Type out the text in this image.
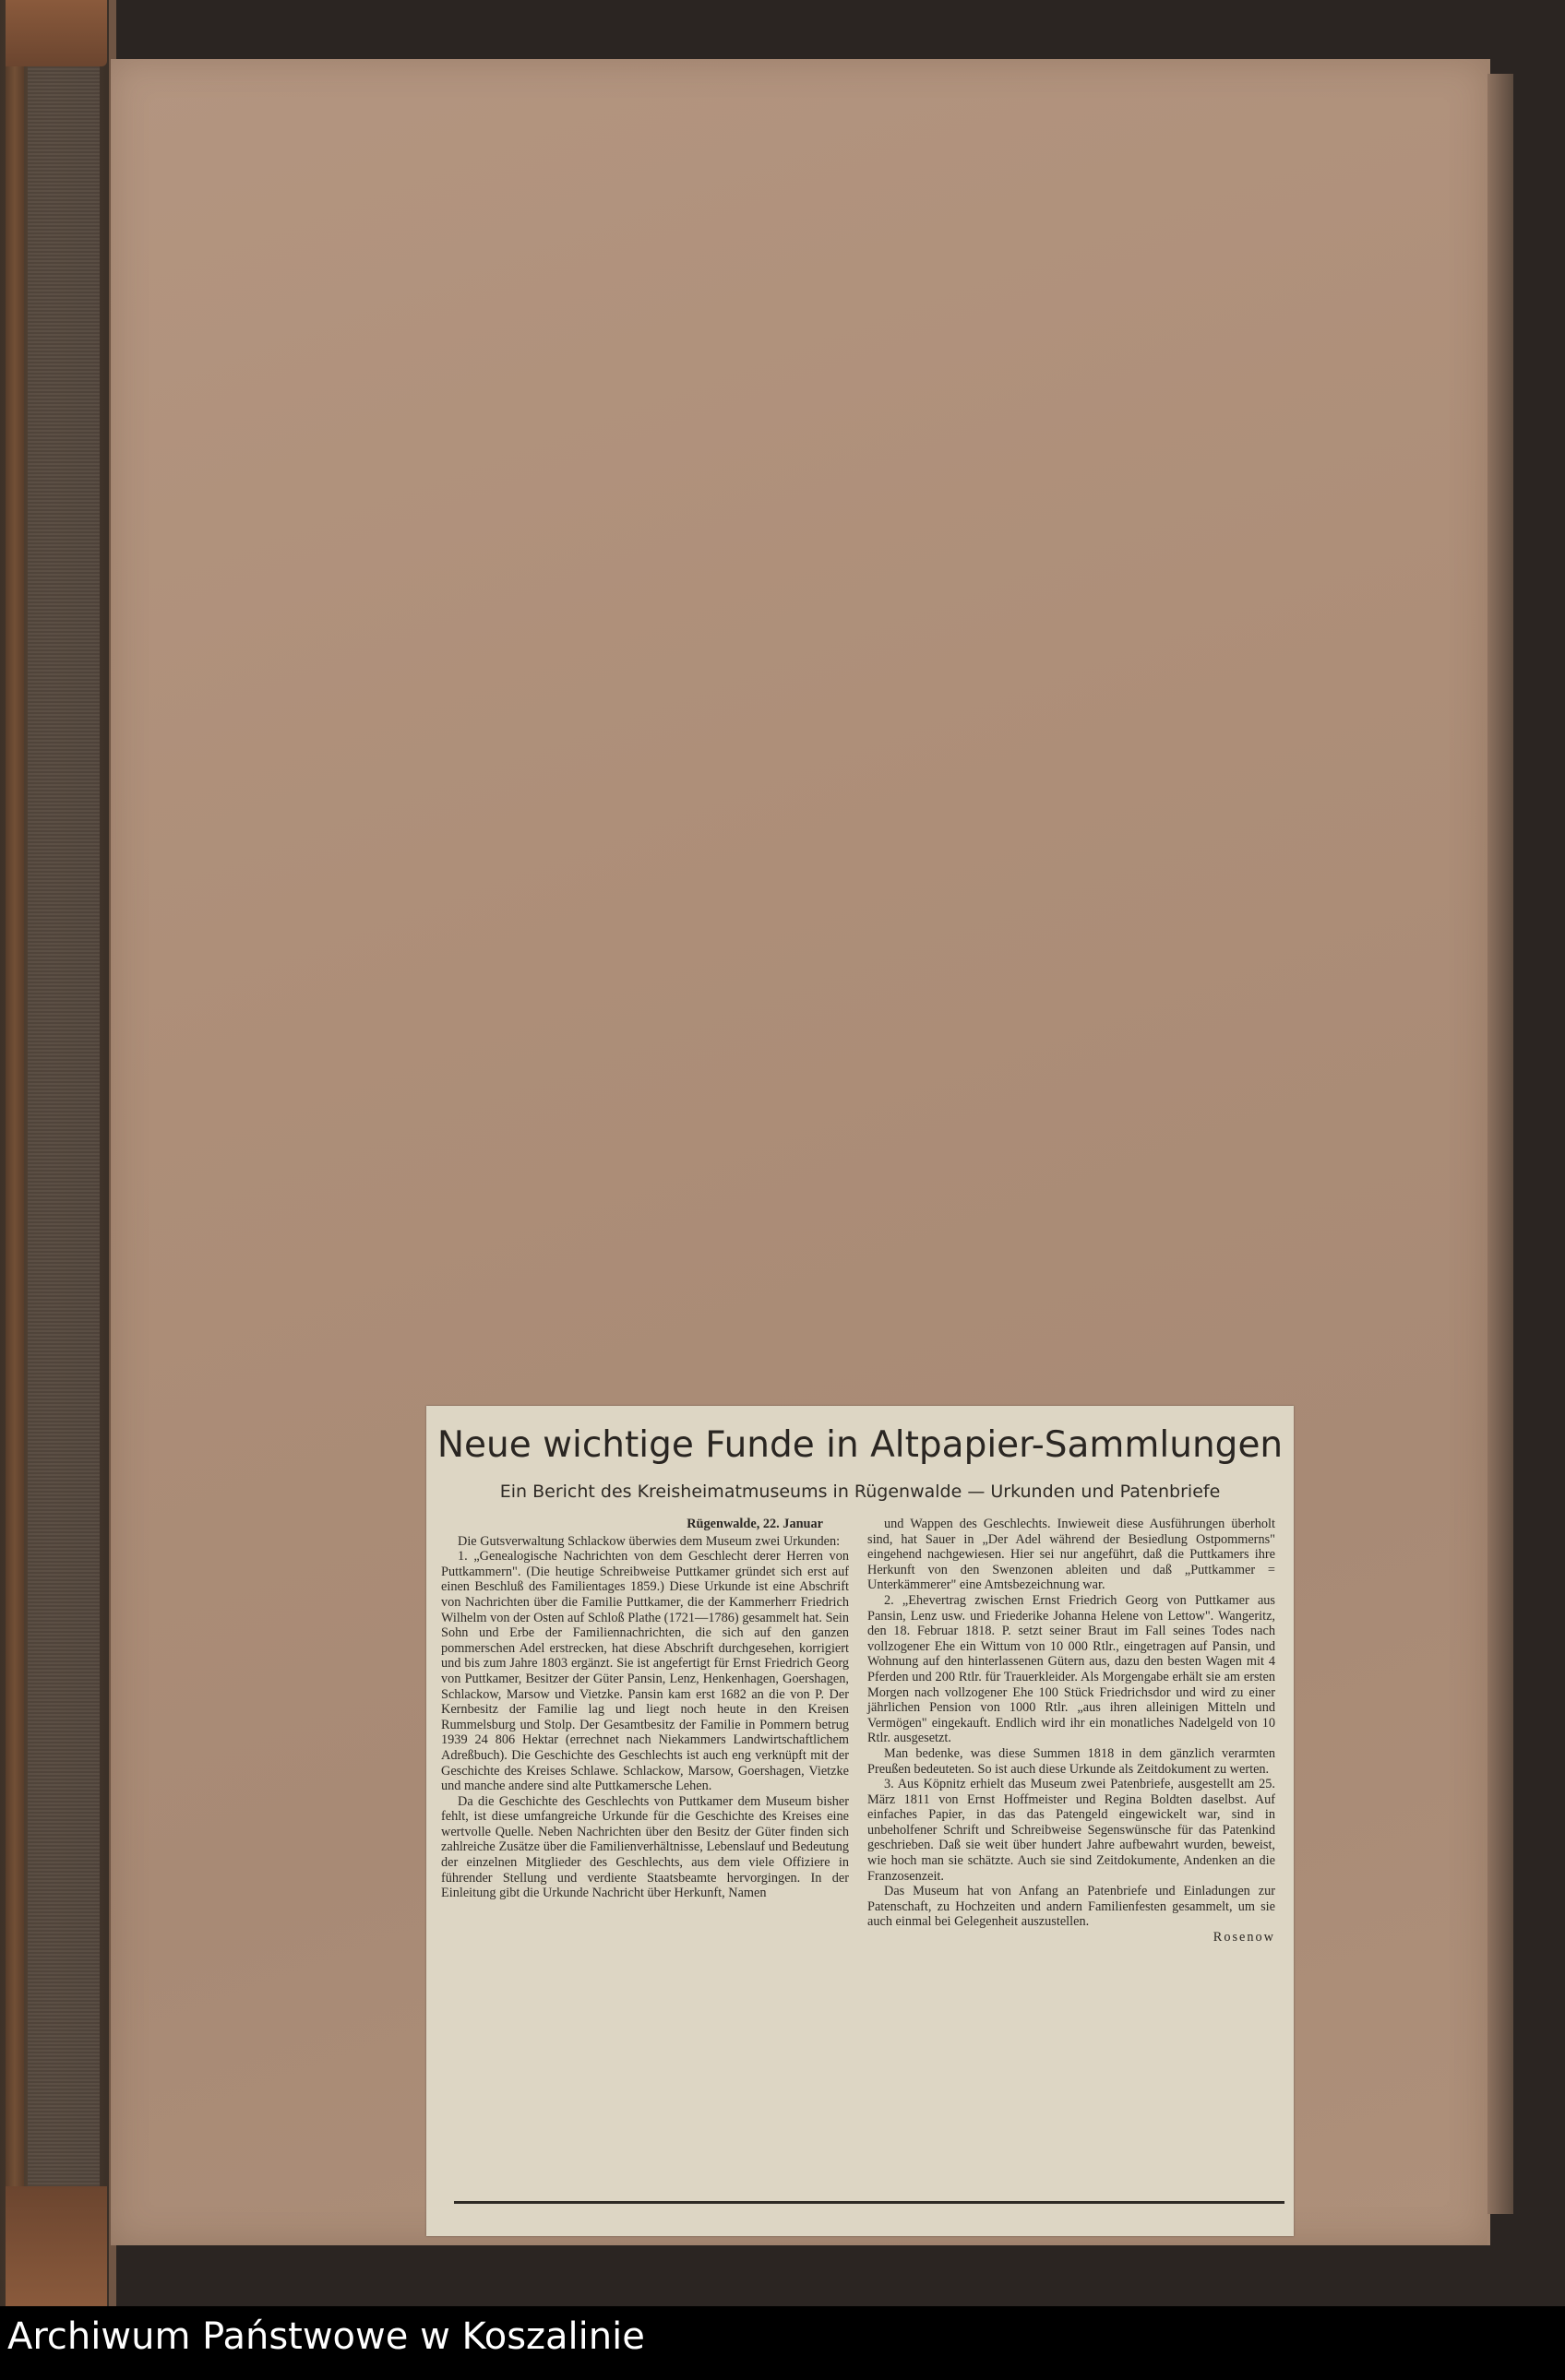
Neue wichtige Funde in Altpapier-Sammlungen
Ein Bericht des Kreisheimatmuseums in Rügenwalde — Urkunden und Patenbriefe

Rügenwalde, 22. Januar

Die Gutsverwaltung Schlackow überwies dem Museum zwei Urkunden:

1. „Genealogische Nachrichten von dem Geschlecht derer Herren von Puttkammern". (Die heutige Schreibweise Puttkamer gründet sich erst auf einen Beschluß des Familientages 1859.) Diese Urkunde ist eine Abschrift von Nachrichten über die Familie Puttkamer, die der Kammerherr Friedrich Wilhelm von der Osten auf Schloß Plathe (1721—1786) gesammelt hat. Sein Sohn und Erbe der Familiennachrichten, die sich auf den ganzen pommerschen Adel erstrecken, hat diese Abschrift durchgesehen, korrigiert und bis zum Jahre 1803 ergänzt. Sie ist angefertigt für Ernst Friedrich Georg von Puttkamer, Besitzer der Güter Pansin, Lenz, Henkenhagen, Goershagen, Schlackow, Marsow und Vietzke. Pansin kam erst 1682 an die von P. Der Kernbesitz der Familie lag und liegt noch heute in den Kreisen Rummelsburg und Stolp. Der Gesamtbesitz der Familie in Pommern betrug 1939 24 806 Hektar (errechnet nach Niekammers Landwirtschaftlichem Adreßbuch). Die Geschichte des Geschlechts ist auch eng verknüpft mit der Geschichte des Kreises Schlawe. Schlackow, Marsow, Goershagen, Vietzke und manche andere sind alte Puttkamersche Lehen.

Da die Geschichte des Geschlechts von Puttkamer dem Museum bisher fehlt, ist diese umfangreiche Urkunde für die Geschichte des Kreises eine wertvolle Quelle. Neben Nachrichten über den Besitz der Güter finden sich zahlreiche Zusätze über die Familienverhältnisse, Lebenslauf und Bedeutung der einzelnen Mitglieder des Geschlechts, aus dem viele Offiziere in führender Stellung und verdiente Staatsbeamte hervorgingen. In der Einleitung gibt die Urkunde Nachricht über Herkunft, Namen

und Wappen des Geschlechts. Inwieweit diese Ausführungen überholt sind, hat Sauer in „Der Adel während der Besiedlung Ostpommerns" eingehend nachgewiesen. Hier sei nur angeführt, daß die Puttkamers ihre Herkunft von den Swenzonen ableiten und daß „Puttkammer = Unterkämmerer" eine Amtsbezeichnung war.

2. „Ehevertrag zwischen Ernst Friedrich Georg von Puttkamer aus Pansin, Lenz usw. und Friederike Johanna Helene von Lettow". Wangeritz, den 18. Februar 1818. P. setzt seiner Braut im Fall seines Todes nach vollzogener Ehe ein Wittum von 10 000 Rtlr., eingetragen auf Pansin, und Wohnung auf den hinterlassenen Gütern aus, dazu den besten Wagen mit 4 Pferden und 200 Rtlr. für Trauerkleider. Als Morgengabe erhält sie am ersten Morgen nach vollzogener Ehe 100 Stück Friedrichsdor und wird zu einer jährlichen Pension von 1000 Rtlr. „aus ihren alleinigen Mitteln und Vermögen" eingekauft. Endlich wird ihr ein monatliches Nadelgeld von 10 Rtlr. ausgesetzt.

Man bedenke, was diese Summen 1818 in dem gänzlich verarmten Preußen bedeuteten. So ist auch diese Urkunde als Zeitdokument zu werten.

3. Aus Köpnitz erhielt das Museum zwei Patenbriefe, ausgestellt am 25. März 1811 von Ernst Hoffmeister und Regina Boldten daselbst. Auf einfaches Papier, in das das Patengeld eingewickelt war, sind in unbeholfener Schrift und Schreibweise Segenswünsche für das Patenkind geschrieben. Daß sie weit über hundert Jahre aufbewahrt wurden, beweist, wie hoch man sie schätzte. Auch sie sind Zeitdokumente, Andenken an die Franzosenzeit.

Das Museum hat von Anfang an Patenbriefe und Einladungen zur Patenschaft, zu Hochzeiten und andern Familienfesten gesammelt, um sie auch einmal bei Gelegenheit auszustellen.

Rosenow

Archiwum Państwowe w Koszalinie
